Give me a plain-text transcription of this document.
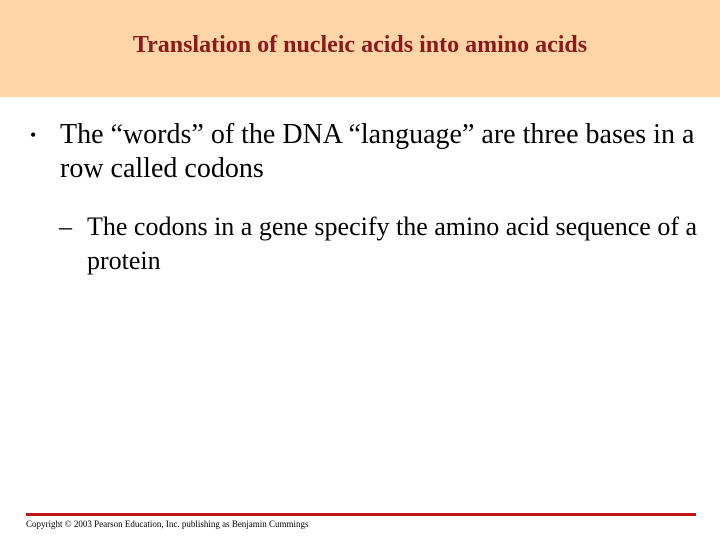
Translation of nucleic acids into amino acids
• The “words” of the DNA “language” are three bases in a row called codons
– The codons in a gene specify the amino acid sequence of a protein
Copyright © 2003 Pearson Education, Inc. publishing as Benjamin Cummings
